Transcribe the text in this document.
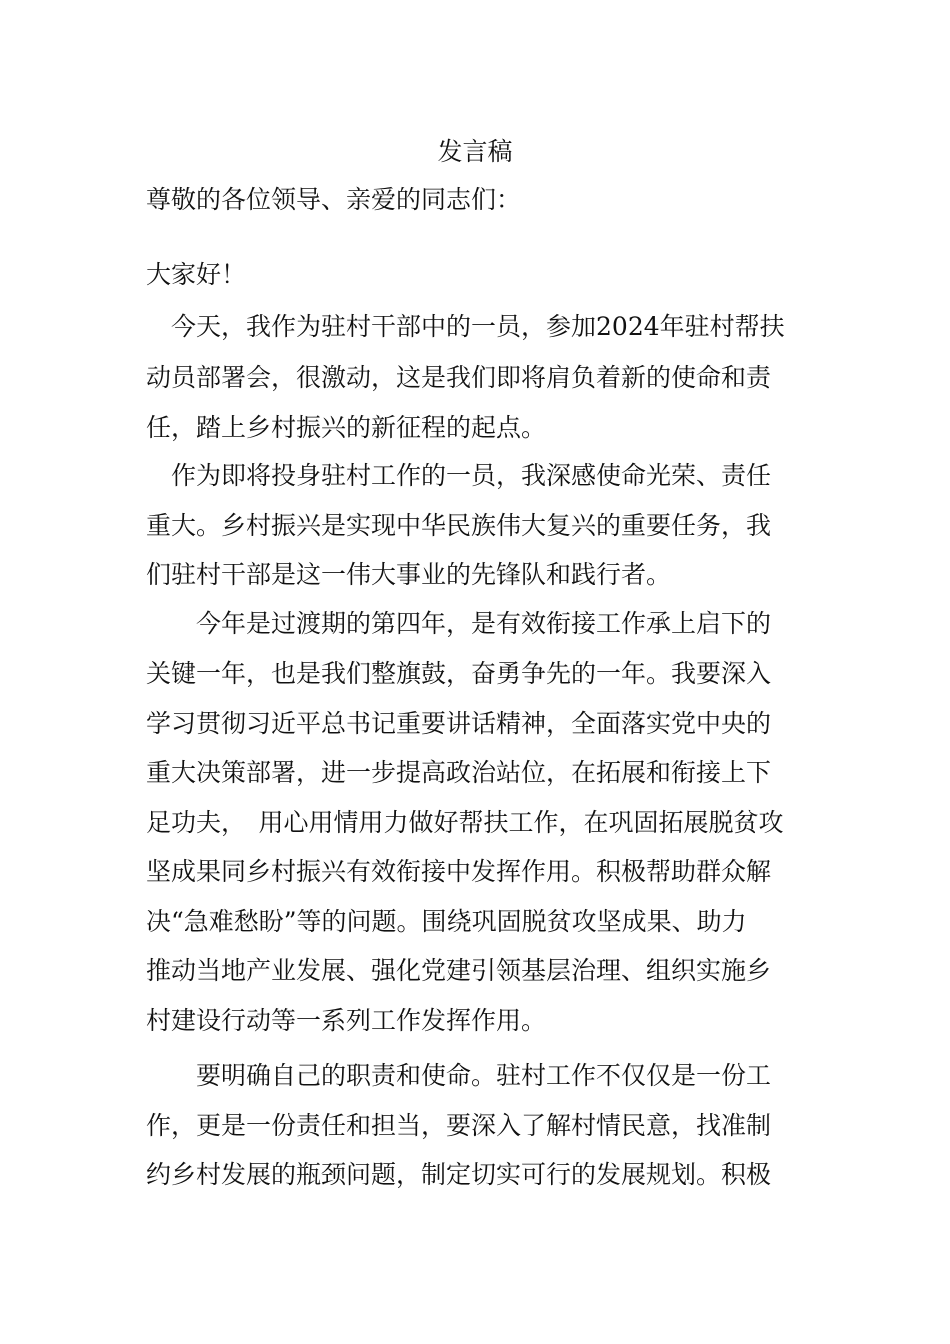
发言稿
尊敬的各位领导、亲爱的同志们：
大家好！
　今天，我作为驻村干部中的一员，参加2024年驻村帮扶
动员部署会，很激动，这是我们即将肩负着新的使命和责
任，踏上乡村振兴的新征程的起点。
　作为即将投身驻村工作的一员，我深感使命光荣、责任
重大。乡村振兴是实现中华民族伟大复兴的重要任务，我
们驻村干部是这一伟大事业的先锋队和践行者。
　　今年是过渡期的第四年，是有效衔接工作承上启下的
关键一年，也是我们整旗鼓，奋勇争先的一年。我要深入
学习贯彻习近平总书记重要讲话精神，全面落实党中央的
重大决策部署，进一步提高政治站位，在拓展和衔接上下
足功夫，　用心用情用力做好帮扶工作，在巩固拓展脱贫攻
坚成果同乡村振兴有效衔接中发挥作用。积极帮助群众解
决“急难愁盼”等的问题。围绕巩固脱贫攻坚成果、助力
推动当地产业发展、强化党建引领基层治理、组织实施乡
村建设行动等一系列工作发挥作用。
　　要明确自己的职责和使命。驻村工作不仅仅是一份工
作，更是一份责任和担当，要深入了解村情民意，找准制
约乡村发展的瓶颈问题，制定切实可行的发展规划。积极
